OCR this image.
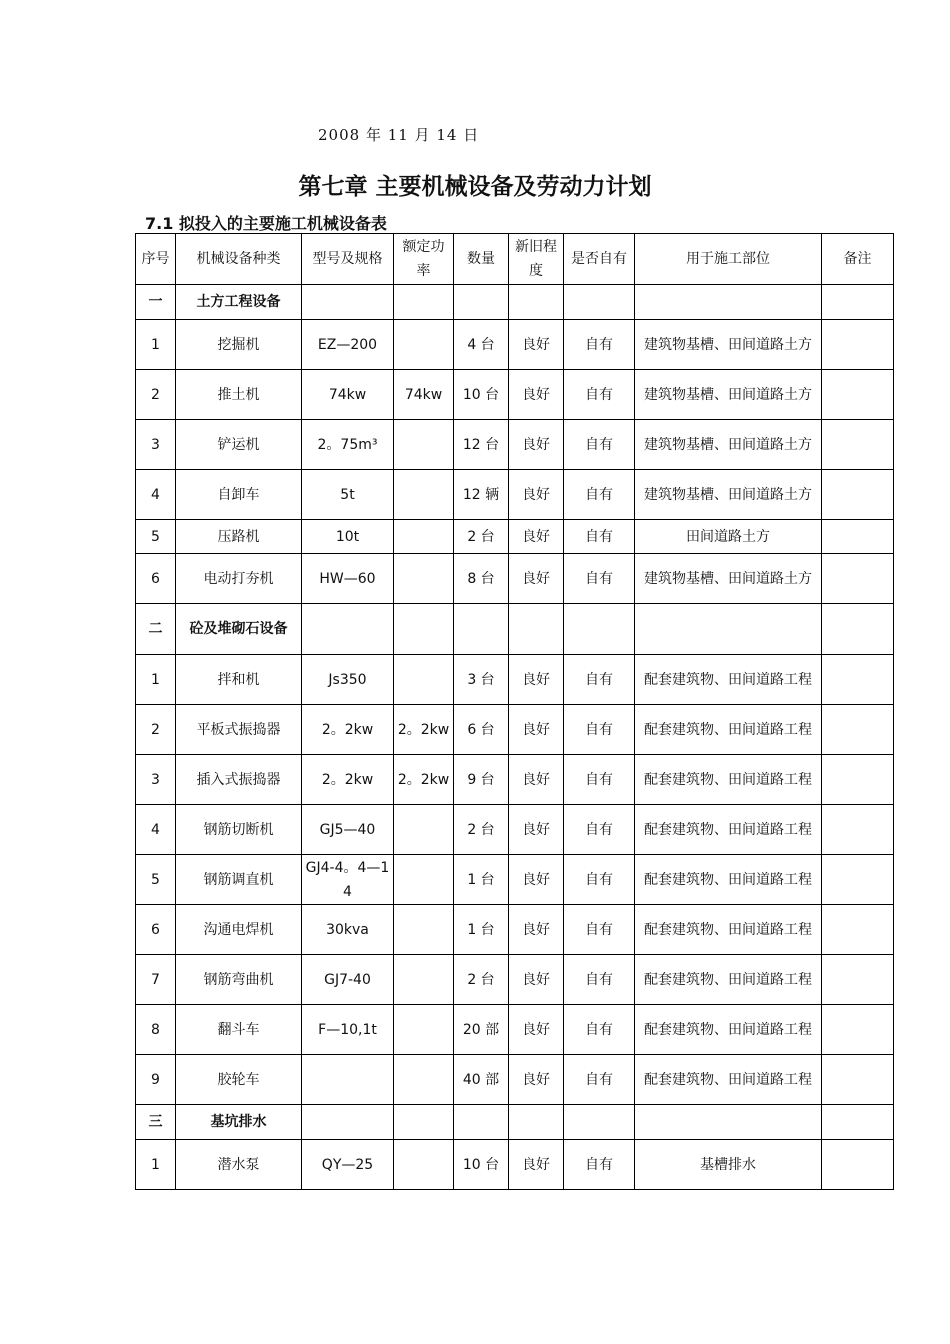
2008 年 11 月 14 日
第七章 主要机械设备及劳动力计划
7.1 拟投入的主要施工机械设备表
序号	机械设备种类	型号及规格	额定功率	数量	新旧程度	是否自有	用于施工部位	备注
一	土方工程设备							
1	挖掘机	EZ—200		4 台	良好	自有	建筑物基槽、田间道路土方	
2	推土机	74kw	74kw	10 台	良好	自有	建筑物基槽、田间道路土方	
3	铲运机	2。75m³		12 台	良好	自有	建筑物基槽、田间道路土方	
4	自卸车	5t		12 辆	良好	自有	建筑物基槽、田间道路土方	
5	压路机	10t		2 台	良好	自有	田间道路土方	
6	电动打夯机	HW—60		8 台	良好	自有	建筑物基槽、田间道路土方	
二	砼及堆砌石设备							
1	拌和机	Js350		3 台	良好	自有	配套建筑物、田间道路工程	
2	平板式振捣器	2。2kw	2。2kw	6 台	良好	自有	配套建筑物、田间道路工程	
3	插入式振捣器	2。2kw	2。2kw	9 台	良好	自有	配套建筑物、田间道路工程	
4	钢筋切断机	GJ5—40		2 台	良好	自有	配套建筑物、田间道路工程	
5	钢筋调直机	GJ4-4。4—14		1 台	良好	自有	配套建筑物、田间道路工程	
6	沟通电焊机	30kva		1 台	良好	自有	配套建筑物、田间道路工程	
7	钢筋弯曲机	GJ7-40		2 台	良好	自有	配套建筑物、田间道路工程	
8	翻斗车	F—10,1t		20 部	良好	自有	配套建筑物、田间道路工程	
9	胶轮车			40 部	良好	自有	配套建筑物、田间道路工程	
三	基坑排水							
1	潜水泵	QY—25		10 台	良好	自有	基槽排水	
